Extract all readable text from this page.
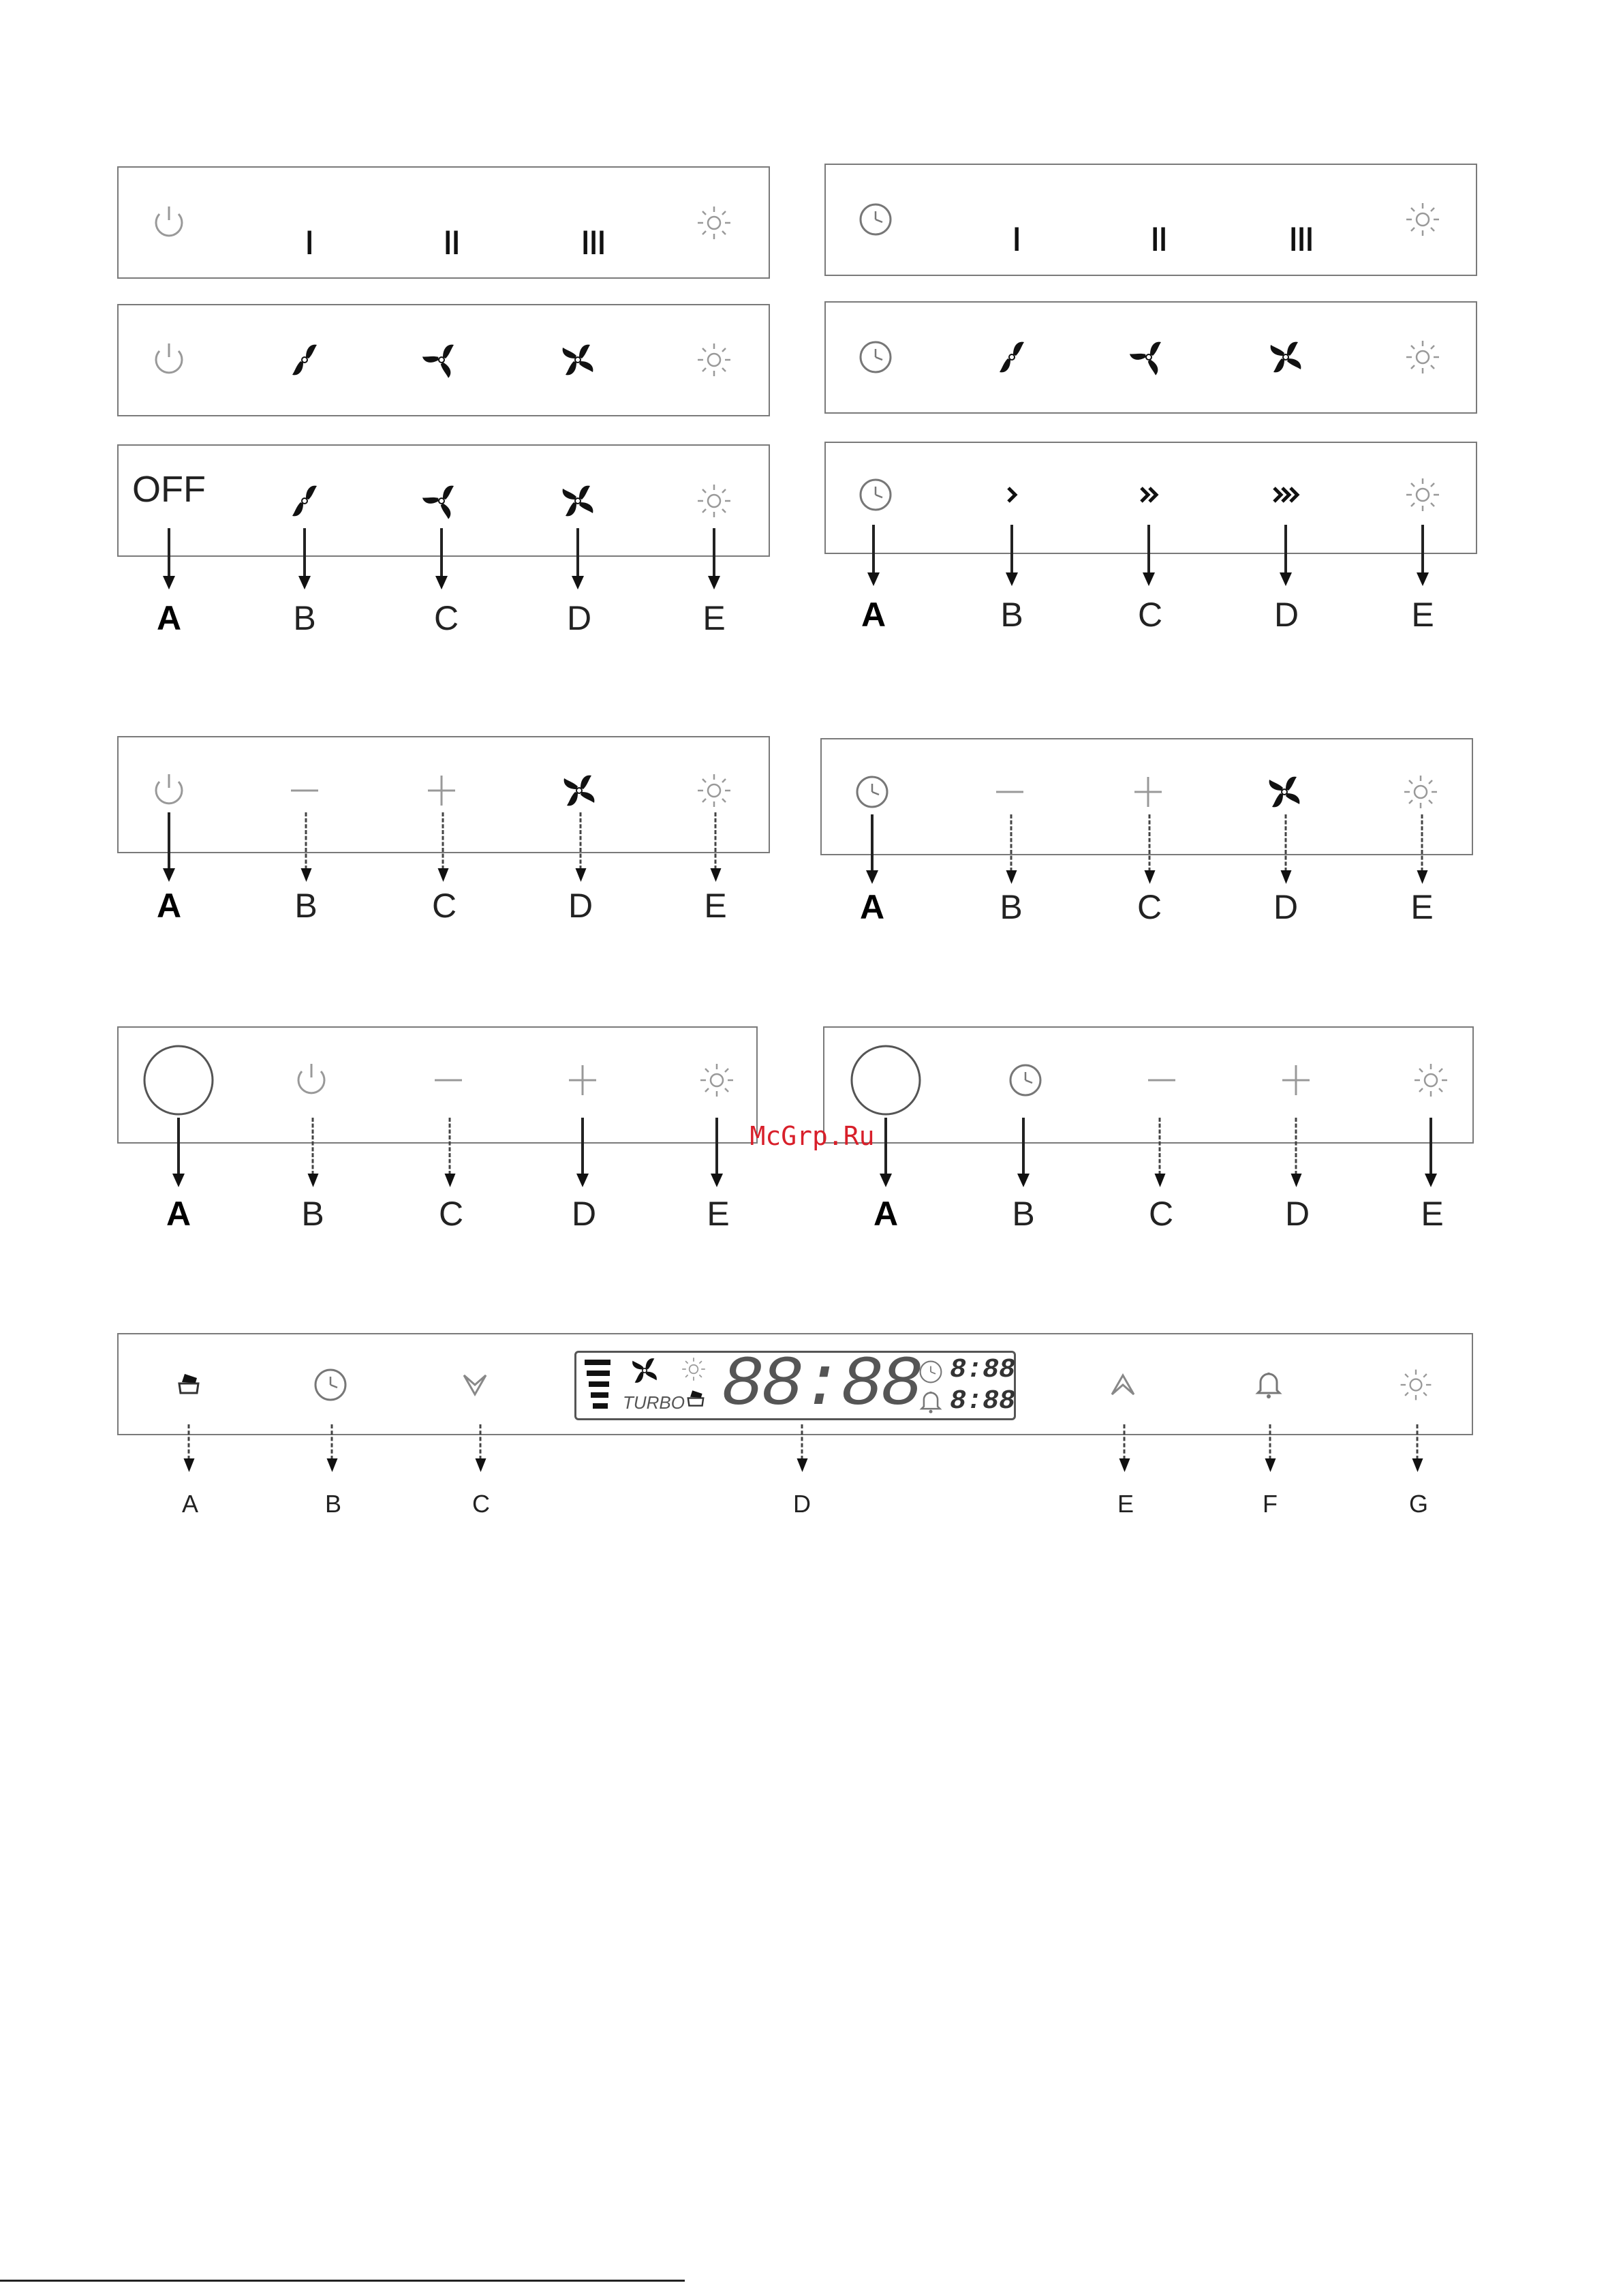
I	II	III	I	II	III
OFF
A	B	C	D	E	A	B	C	D	E
A	B	C	D	E	A	B	C	D	E
A	B	C	D	E	A	B	C	D	E
McGrp.Ru
TURBO 88:88 8:88
8:88
A	B	C	D	E	F	G
